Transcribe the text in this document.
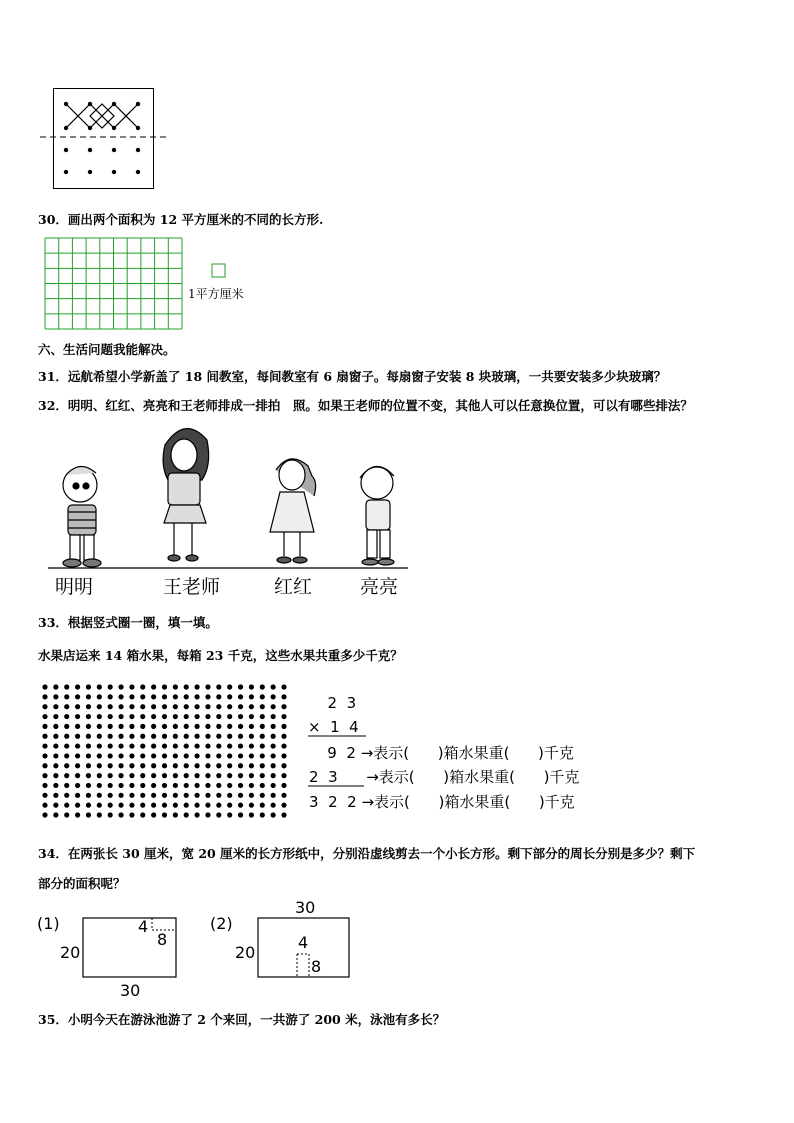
30．画出两个面积为 12 平方厘米的不同的长方形.
1平方厘米
六、生活问题我能解决。
31．远航希望小学新盖了 18 间教室，每间教室有 6 扇窗子。每扇窗子安装 8 块玻璃，一共要安装多少块玻璃？
32．明明、红红、亮亮和王老师排成一排拍　照。如果王老师的位置不变，其他人可以任意换位置，可以有哪些排法？
明明	王老师	红红	亮亮
33．根据竖式圈一圈，填一填。
水果店运来 14 箱水果，每箱 23 千克，这些水果共重多少千克？
2  3
×  1  4
9  2 →表示(      )箱水果重(      )千克
2  3      →表示(      )箱水果重(      )千克
3  2  2 →表示(      )箱水果重(      )千克
34．在两张长 30 厘米，宽 20 厘米的长方形纸中，分别沿虚线剪去一个小长方形。剩下部分的周长分别是多少？剩下
部分的面积呢？
(1)
20
30
4
8
(2)
20
30
4
8
35．小明今天在游泳池游了 2 个来回，一共游了 200 米，泳池有多长？
